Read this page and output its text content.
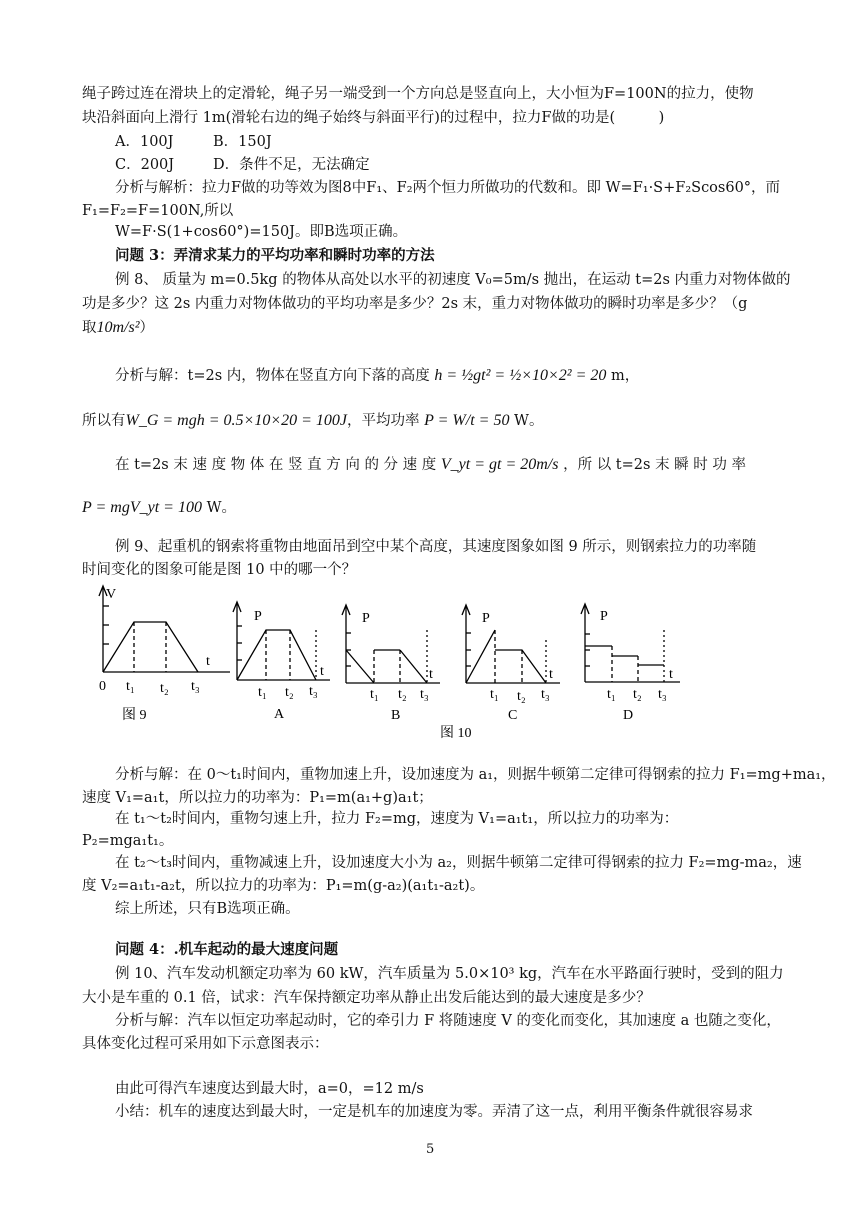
绳子跨过连在滑块上的定滑轮，绳子另一端受到一个方向总是竖直向上，大小恒为F=100N的拉力，使物
块沿斜面向上滑行 1m(滑轮右边的绳子始终与斜面平行)的过程中，拉力F做的功是(　　　)
A．100J	B．150J
C．200J	D．条件不足，无法确定
分析与解析：拉力F做的功等效为图8中F₁、F₂两个恒力所做功的代数和。即 W=F₁·S+F₂Scos60°，而
F₁=F₂=F=100N,所以
W=F·S(1+cos60°)=150J。即B选项正确。
问题 3：弄清求某力的平均功率和瞬时功率的方法
例 8、 质量为 m=0.5kg 的物体从高处以水平的初速度 V₀=5m/s 抛出，在运动 t=2s 内重力对物体做的
功是多少？这 2s 内重力对物体做功的平均功率是多少？2s 末，重力对物体做功的瞬时功率是多少？（g
取10m/s²）
分析与解：t=2s 内，物体在竖直方向下落的高度 h = ½gt² = ½×10×2² = 20 m，
所以有W_G = mgh = 0.5×10×20 = 100J，平均功率 P = W/t = 50 W。
在 t=2s 末 速 度 物 体 在 竖 直 方 向 的 分 速 度 V_yt = gt = 20m/s ，所 以 t=2s 末 瞬 时 功 率
P = mgV_yt = 100 W。
例 9、起重机的钢索将重物由地面吊到空中某个高度，其速度图象如图 9 所示，则钢索拉力的功率随
时间变化的图象可能是图 10 中的哪一个？
V
t
0 t₁ t₂ t₃
图 9
P
t
t₁ t₂ t₃
A
P
t
t₁ t₂ t₃
B
P
t
t₁ t₂ t₃
C
P
t
t₁ t₂ t₃
D
图 10
分析与解：在 0～t₁时间内，重物加速上升，设加速度为 a₁，则据牛顿第二定律可得钢索的拉力 F₁=mg+ma₁，
速度 V₁=a₁t，所以拉力的功率为：P₁=m(a₁+g)a₁t；
在 t₁～t₂时间内，重物匀速上升，拉力 F₂=mg，速度为 V₁=a₁t₁，所以拉力的功率为：
P₂=mga₁t₁。
在 t₂～t₃时间内，重物减速上升，设加速度大小为 a₂，则据牛顿第二定律可得钢索的拉力 F₂=mg-ma₂，速
度 V₂=a₁t₁-a₂t，所以拉力的功率为：P₁=m(g-a₂)(a₁t₁-a₂t)。
综上所述，只有B选项正确。
问题 4：.机车起动的最大速度问题
例 10、汽车发动机额定功率为 60 kW，汽车质量为 5.0×10³ kg，汽车在水平路面行驶时，受到的阻力
大小是车重的 0.1 倍，试求：汽车保持额定功率从静止出发后能达到的最大速度是多少？
分析与解：汽车以恒定功率起动时，它的牵引力 F 将随速度 V 的变化而变化，其加速度 a 也随之变化，
具体变化过程可采用如下示意图表示：
由此可得汽车速度达到最大时，a=0，=12 m/s
小结：机车的速度达到最大时，一定是机车的加速度为零。弄清了这一点，利用平衡条件就很容易求
5
